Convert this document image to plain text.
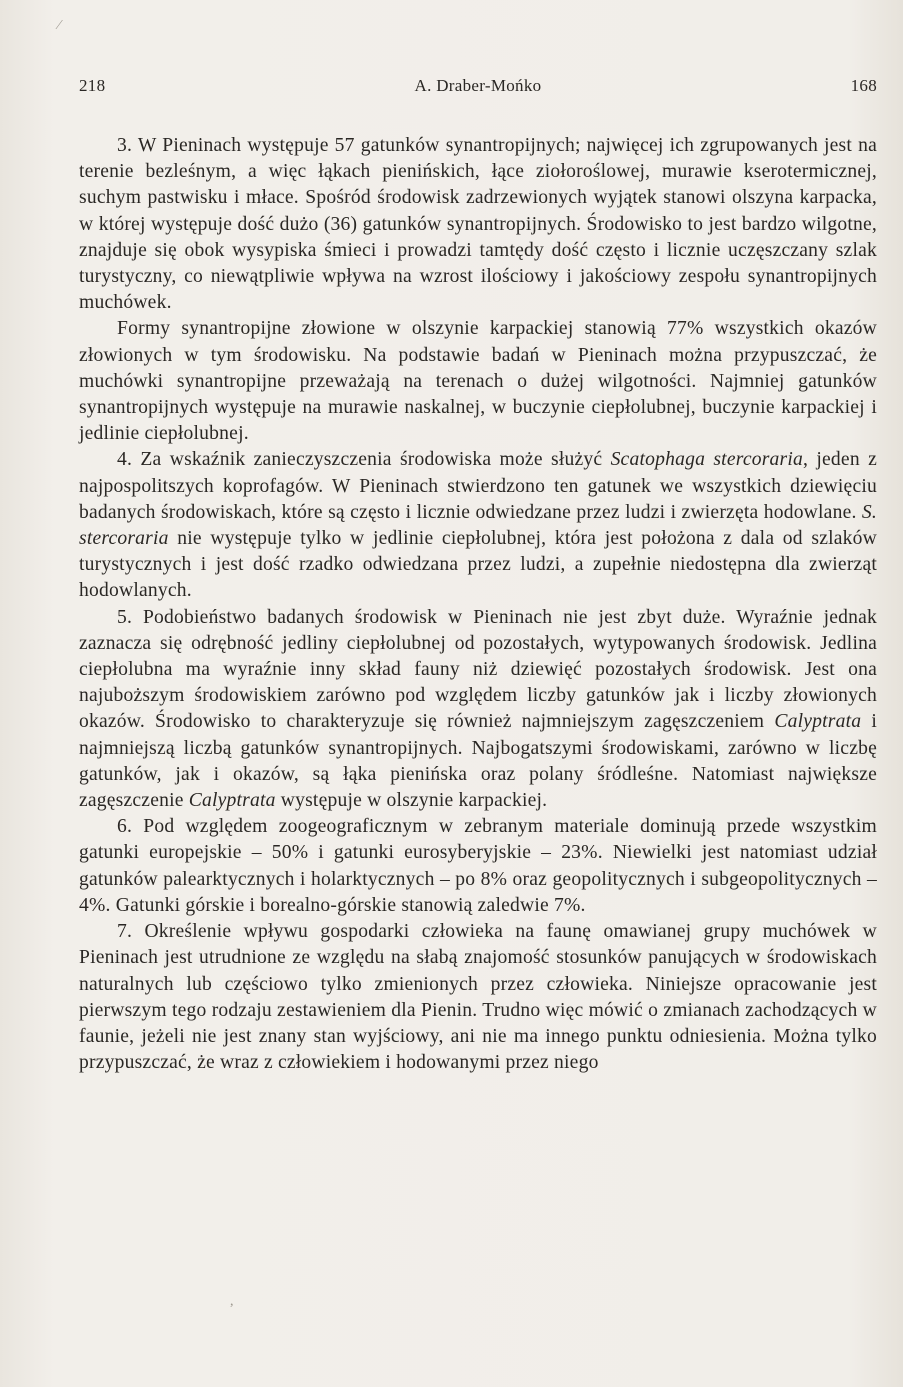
⁄
218	A. Draber-Mońko	168

3. W Pieninach występuje 57 gatunków synantropijnych; najwięcej ich zgrupowanych jest na terenie bezleśnym, a więc łąkach pienińskich, łące ziołoroślowej, murawie kserotermicznej, suchym pastwisku i młace. Spośród środowisk zadrzewionych wyjątek stanowi olszyna karpacka, w której występuje dość dużo (36) gatunków synantropijnych. Środowisko to jest bardzo wilgotne, znajduje się obok wysypiska śmieci i prowadzi tamtędy dość często i licznie uczęszczany szlak turystyczny, co niewątpliwie wpływa na wzrost ilościowy i jakościowy zespołu synantropijnych muchówek.

Formy synantropijne złowione w olszynie karpackiej stanowią 77% wszystkich okazów złowionych w tym środowisku. Na podstawie badań w Pieninach można przypuszczać, że muchówki synantropijne przeważają na terenach o dużej wilgotności. Najmniej gatunków synantropijnych występuje na murawie naskalnej, w buczynie ciepłolubnej, buczynie karpackiej i jedlinie ciepłolubnej.

4. Za wskaźnik zanieczyszczenia środowiska może służyć Scatophaga stercoraria, jeden z najpospolitszych koprofagów. W Pieninach stwierdzono ten gatunek we wszystkich dziewięciu badanych środowiskach, które są często i licznie odwiedzane przez ludzi i zwierzęta hodowlane. S. stercoraria nie występuje tylko w jedlinie ciepłolubnej, która jest położona z dala od szlaków turystycznych i jest dość rzadko odwiedzana przez ludzi, a zupełnie niedostępna dla zwierząt hodowlanych.

5. Podobieństwo badanych środowisk w Pieninach nie jest zbyt duże. Wyraźnie jednak zaznacza się odrębność jedliny ciepłolubnej od pozostałych, wytypowanych środowisk. Jedlina ciepłolubna ma wyraźnie inny skład fauny niż dziewięć pozostałych środowisk. Jest ona najuboższym środowiskiem zarówno pod względem liczby gatunków jak i liczby złowionych okazów. Środowisko to charakteryzuje się również najmniejszym zagęszczeniem Calyptrata i najmniejszą liczbą gatunków synantropijnych. Najbogatszymi środowiskami, zarówno w liczbę gatunków, jak i okazów, są łąka pienińska oraz polany śródleśne. Natomiast największe zagęszczenie Calyptrata występuje w olszynie karpackiej.

6. Pod względem zoogeograficznym w zebranym materiale dominują przede wszystkim gatunki europejskie – 50% i gatunki eurosyberyjskie – 23%. Niewielki jest natomiast udział gatunków palearktycznych i holarktycznych – po 8% oraz geopolitycznych i subgeopolitycznych – 4%. Gatunki górskie i borealno-górskie stanowią zaledwie 7%.

7. Określenie wpływu gospodarki człowieka na faunę omawianej grupy muchówek w Pieninach jest utrudnione ze względu na słabą znajomość stosunków panujących w środowiskach naturalnych lub częściowo tylko zmienionych przez człowieka. Niniejsze opracowanie jest pierwszym tego rodzaju zestawieniem dla Pienin. Trudno więc mówić o zmianach zachodzących w faunie, jeżeli nie jest znany stan wyjściowy, ani nie ma innego punktu odniesienia. Można tylko przypuszczać, że wraz z człowiekiem i hodowanymi przez niego

,
